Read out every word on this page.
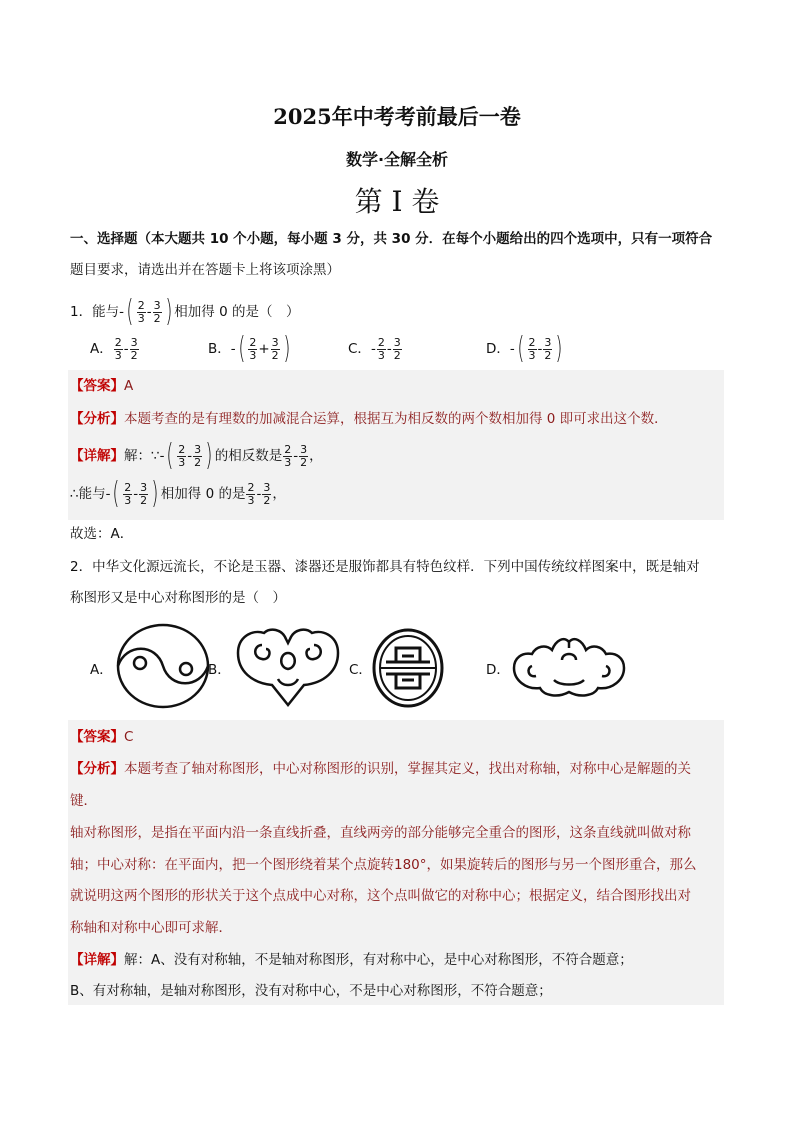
2025年中考考前最后一卷
数学·全解全析
第 I 卷
一、选择题（本大题共 10 个小题，每小题 3 分，共 30 分．在每个小题给出的四个选项中，只有一项符合
题目要求，请选出并在答题卡上将该项涂黑）
1．能与-( $\frac{2}{3} - \frac{3}{2}$ ) 相加得 0 的是（　）
A． $\frac{2}{3} - \frac{3}{2}$	B．-( $\frac{2}{3} + \frac{3}{2}$ )	C．- $\frac{2}{3} - \frac{3}{2}$	D．-( $\frac{2}{3} - \frac{3}{2}$ )
【答案】A
【分析】本题考查的是有理数的加减混合运算，根据互为相反数的两个数相加得 0 即可求出这个数．
【详解】解：∵-( $\frac{2}{3} - \frac{3}{2}$ ) 的相反数是 $\frac{2}{3} - \frac{3}{2}$ ，
∴能与-( $\frac{2}{3} - \frac{3}{2}$ ) 相加得 0 的是 $\frac{2}{3} - \frac{3}{2}$ ，
故选：A．
2．中华文化源远流长，不论是玉器、漆器还是服饰都具有特色纹样．下列中国传统纹样图案中，既是轴对
称图形又是中心对称图形的是（　）
A．	B．	C．	D．
【答案】C
【分析】本题考查了轴对称图形，中心对称图形的识别，掌握其定义，找出对称轴，对称中心是解题的关
键．
轴对称图形，是指在平面内沿一条直线折叠，直线两旁的部分能够完全重合的图形，这条直线就叫做对称
轴；中心对称：在平面内，把一个图形绕着某个点旋转180°，如果旋转后的图形与另一个图形重合，那么
就说明这两个图形的形状关于这个点成中心对称，这个点叫做它的对称中心；根据定义，结合图形找出对
称轴和对称中心即可求解．
【详解】解：A、没有对称轴，不是轴对称图形，有对称中心，是中心对称图形，不符合题意；
B、有对称轴，是轴对称图形，没有对称中心，不是中心对称图形，不符合题意；
